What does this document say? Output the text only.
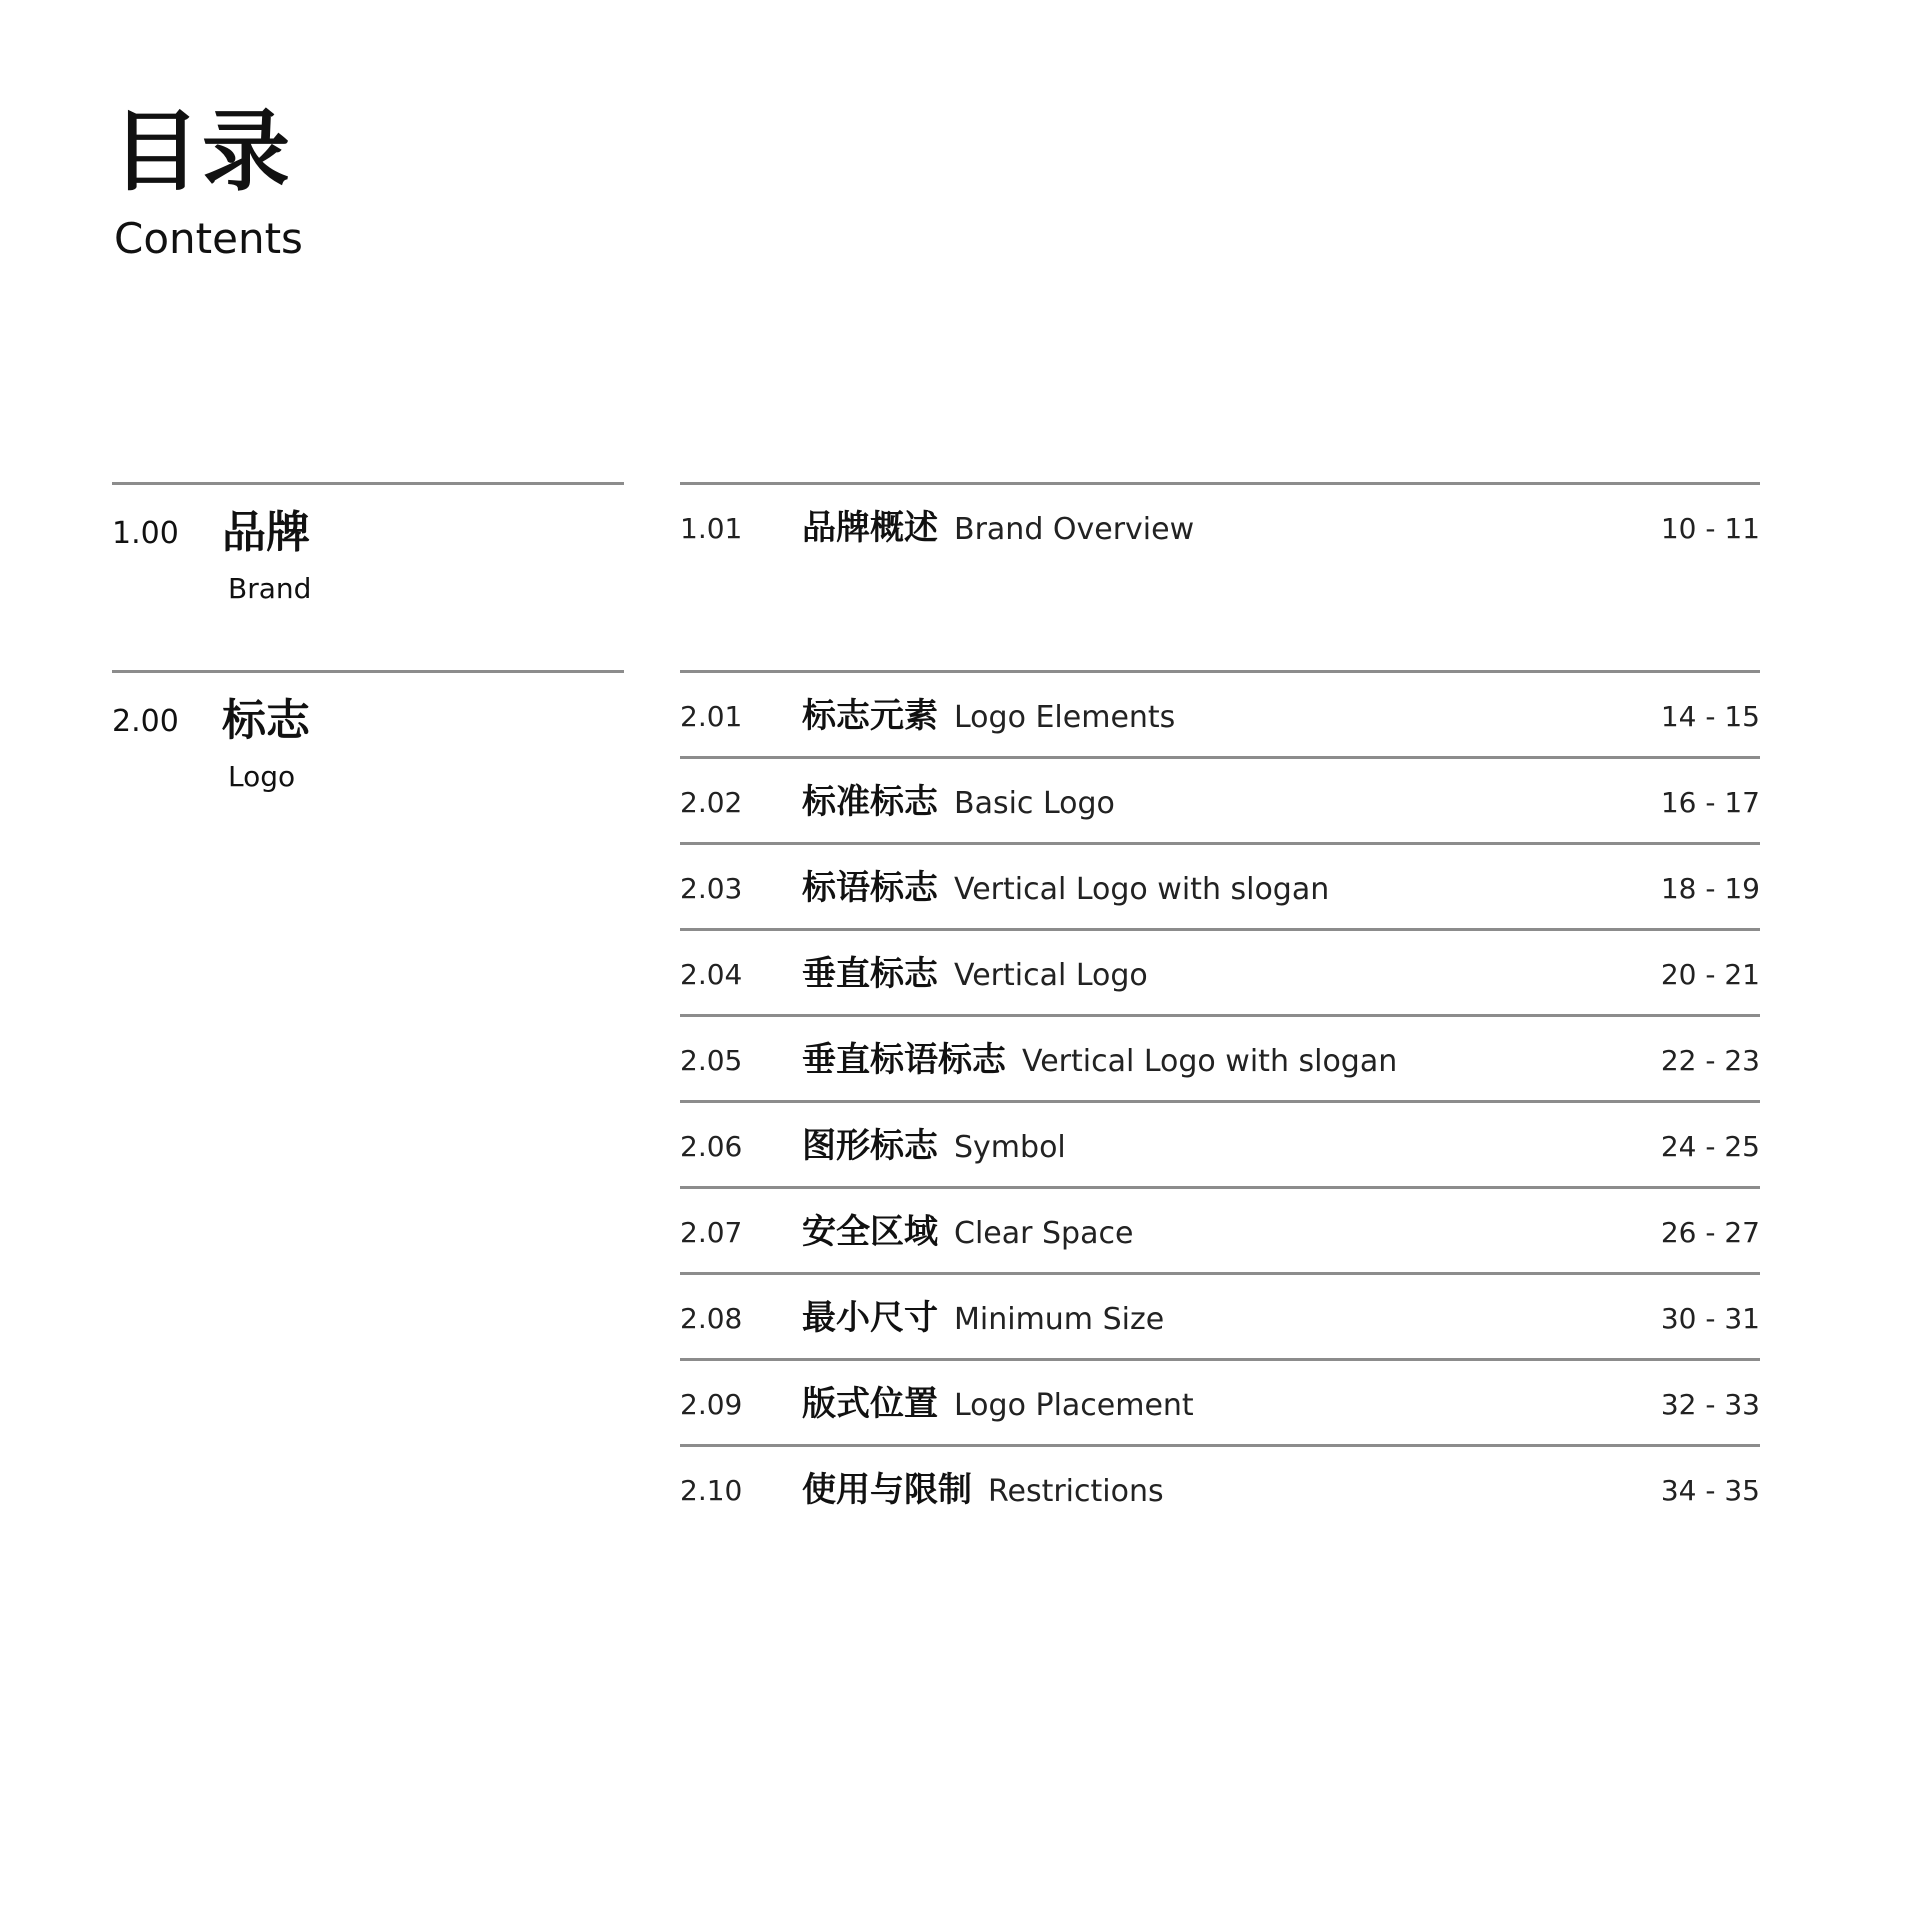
目录
Contents
1.00 品牌
Brand
1.01 品牌概述 Brand Overview	10 - 11
2.00 标志
Logo
2.01 标志元素 Logo Elements	14 - 15
2.02 标准标志 Basic Logo	16 - 17
2.03 标语标志 Vertical Logo with slogan	18 - 19
2.04 垂直标志 Vertical Logo	20 - 21
2.05 垂直标语标志 Vertical Logo with slogan	22 - 23
2.06 图形标志 Symbol	24 - 25
2.07 安全区域 Clear Space	26 - 27
2.08 最小尺寸 Minimum Size	30 - 31
2.09 版式位置 Logo Placement	32 - 33
2.10 使用与限制 Restrictions	34 - 35
